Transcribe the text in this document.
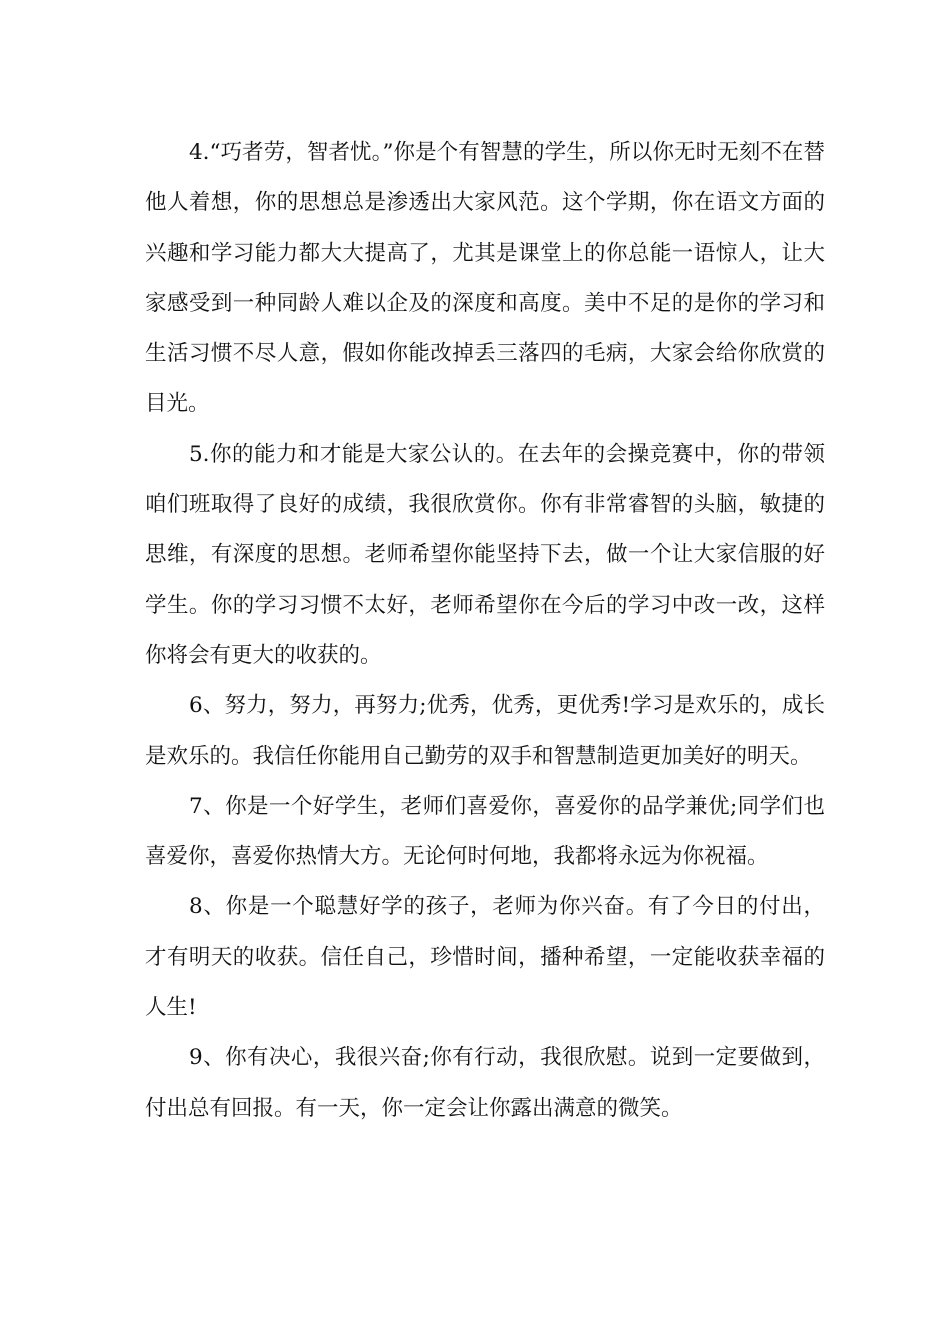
4.“巧者劳，智者忧。”你是个有智慧的学生，所以你无时无刻不在替他人着想，你的思想总是渗透出大家风范。这个学期，你在语文方面的兴趣和学习能力都大大提高了，尤其是课堂上的你总能一语惊人，让大家感受到一种同龄人难以企及的深度和高度。美中不足的是你的学习和生活习惯不尽人意，假如你能改掉丢三落四的毛病，大家会给你欣赏的目光。

5.你的能力和才能是大家公认的。在去年的会操竞赛中，你的带领咱们班取得了良好的成绩，我很欣赏你。你有非常睿智的头脑，敏捷的思维，有深度的思想。老师希望你能坚持下去，做一个让大家信服的好学生。你的学习习惯不太好，老师希望你在今后的学习中改一改，这样你将会有更大的收获的。

6、努力，努力，再努力;优秀，优秀，更优秀!学习是欢乐的，成长是欢乐的。我信任你能用自己勤劳的双手和智慧制造更加美好的明天。

7、你是一个好学生，老师们喜爱你，喜爱你的品学兼优;同学们也喜爱你，喜爱你热情大方。无论何时何地，我都将永远为你祝福。

8、你是一个聪慧好学的孩子，老师为你兴奋。有了今日的付出，才有明天的收获。信任自己，珍惜时间，播种希望，一定能收获幸福的人生!

9、你有决心，我很兴奋;你有行动，我很欣慰。说到一定要做到，付出总有回报。有一天，你一定会让你露出满意的微笑。
